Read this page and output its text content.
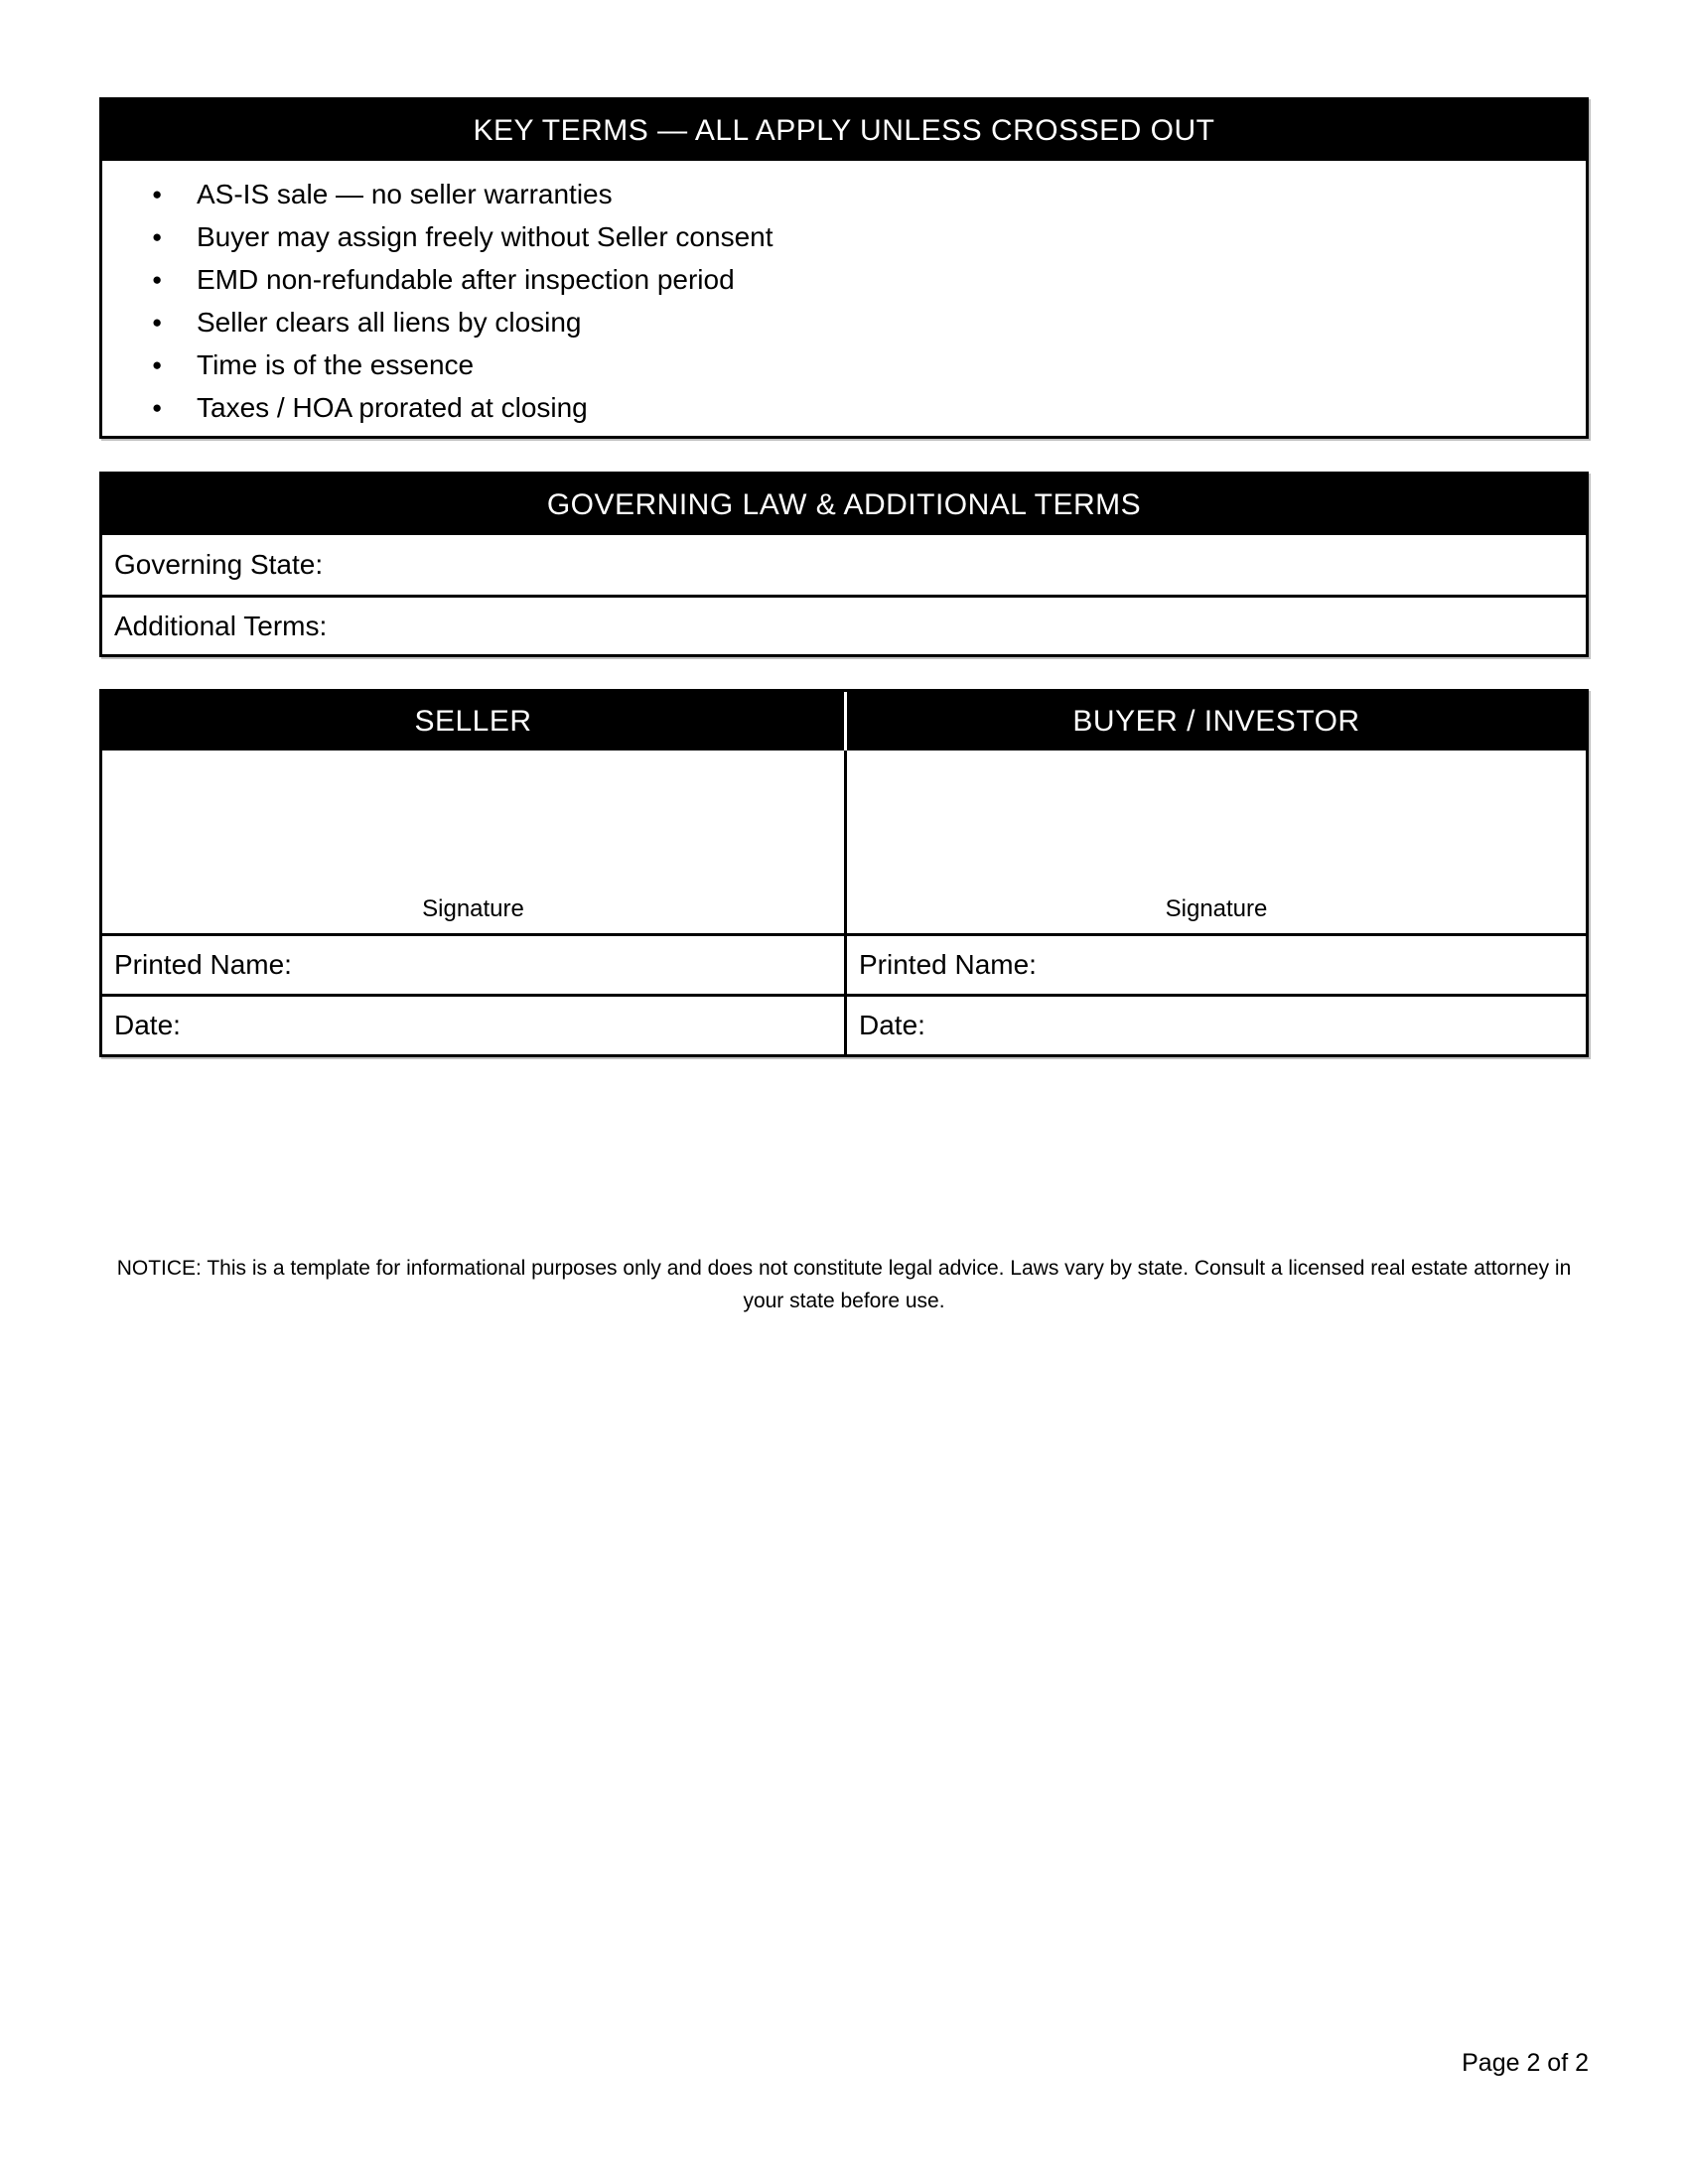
KEY TERMS — ALL APPLY UNLESS CROSSED OUT
● AS-IS sale — no seller warranties
● Buyer may assign freely without Seller consent
● EMD non-refundable after inspection period
● Seller clears all liens by closing
● Time is of the essence
● Taxes / HOA prorated at closing
GOVERNING LAW & ADDITIONAL TERMS
Governing State:
Additional Terms:
SELLER	BUYER / INVESTOR
Signature	Signature
Printed Name:	Printed Name:
Date:	Date:

NOTICE: This is a template for informational purposes only and does not constitute legal advice. Laws vary by state. Consult a licensed real estate attorney in your state before use.

Page 2 of 2
